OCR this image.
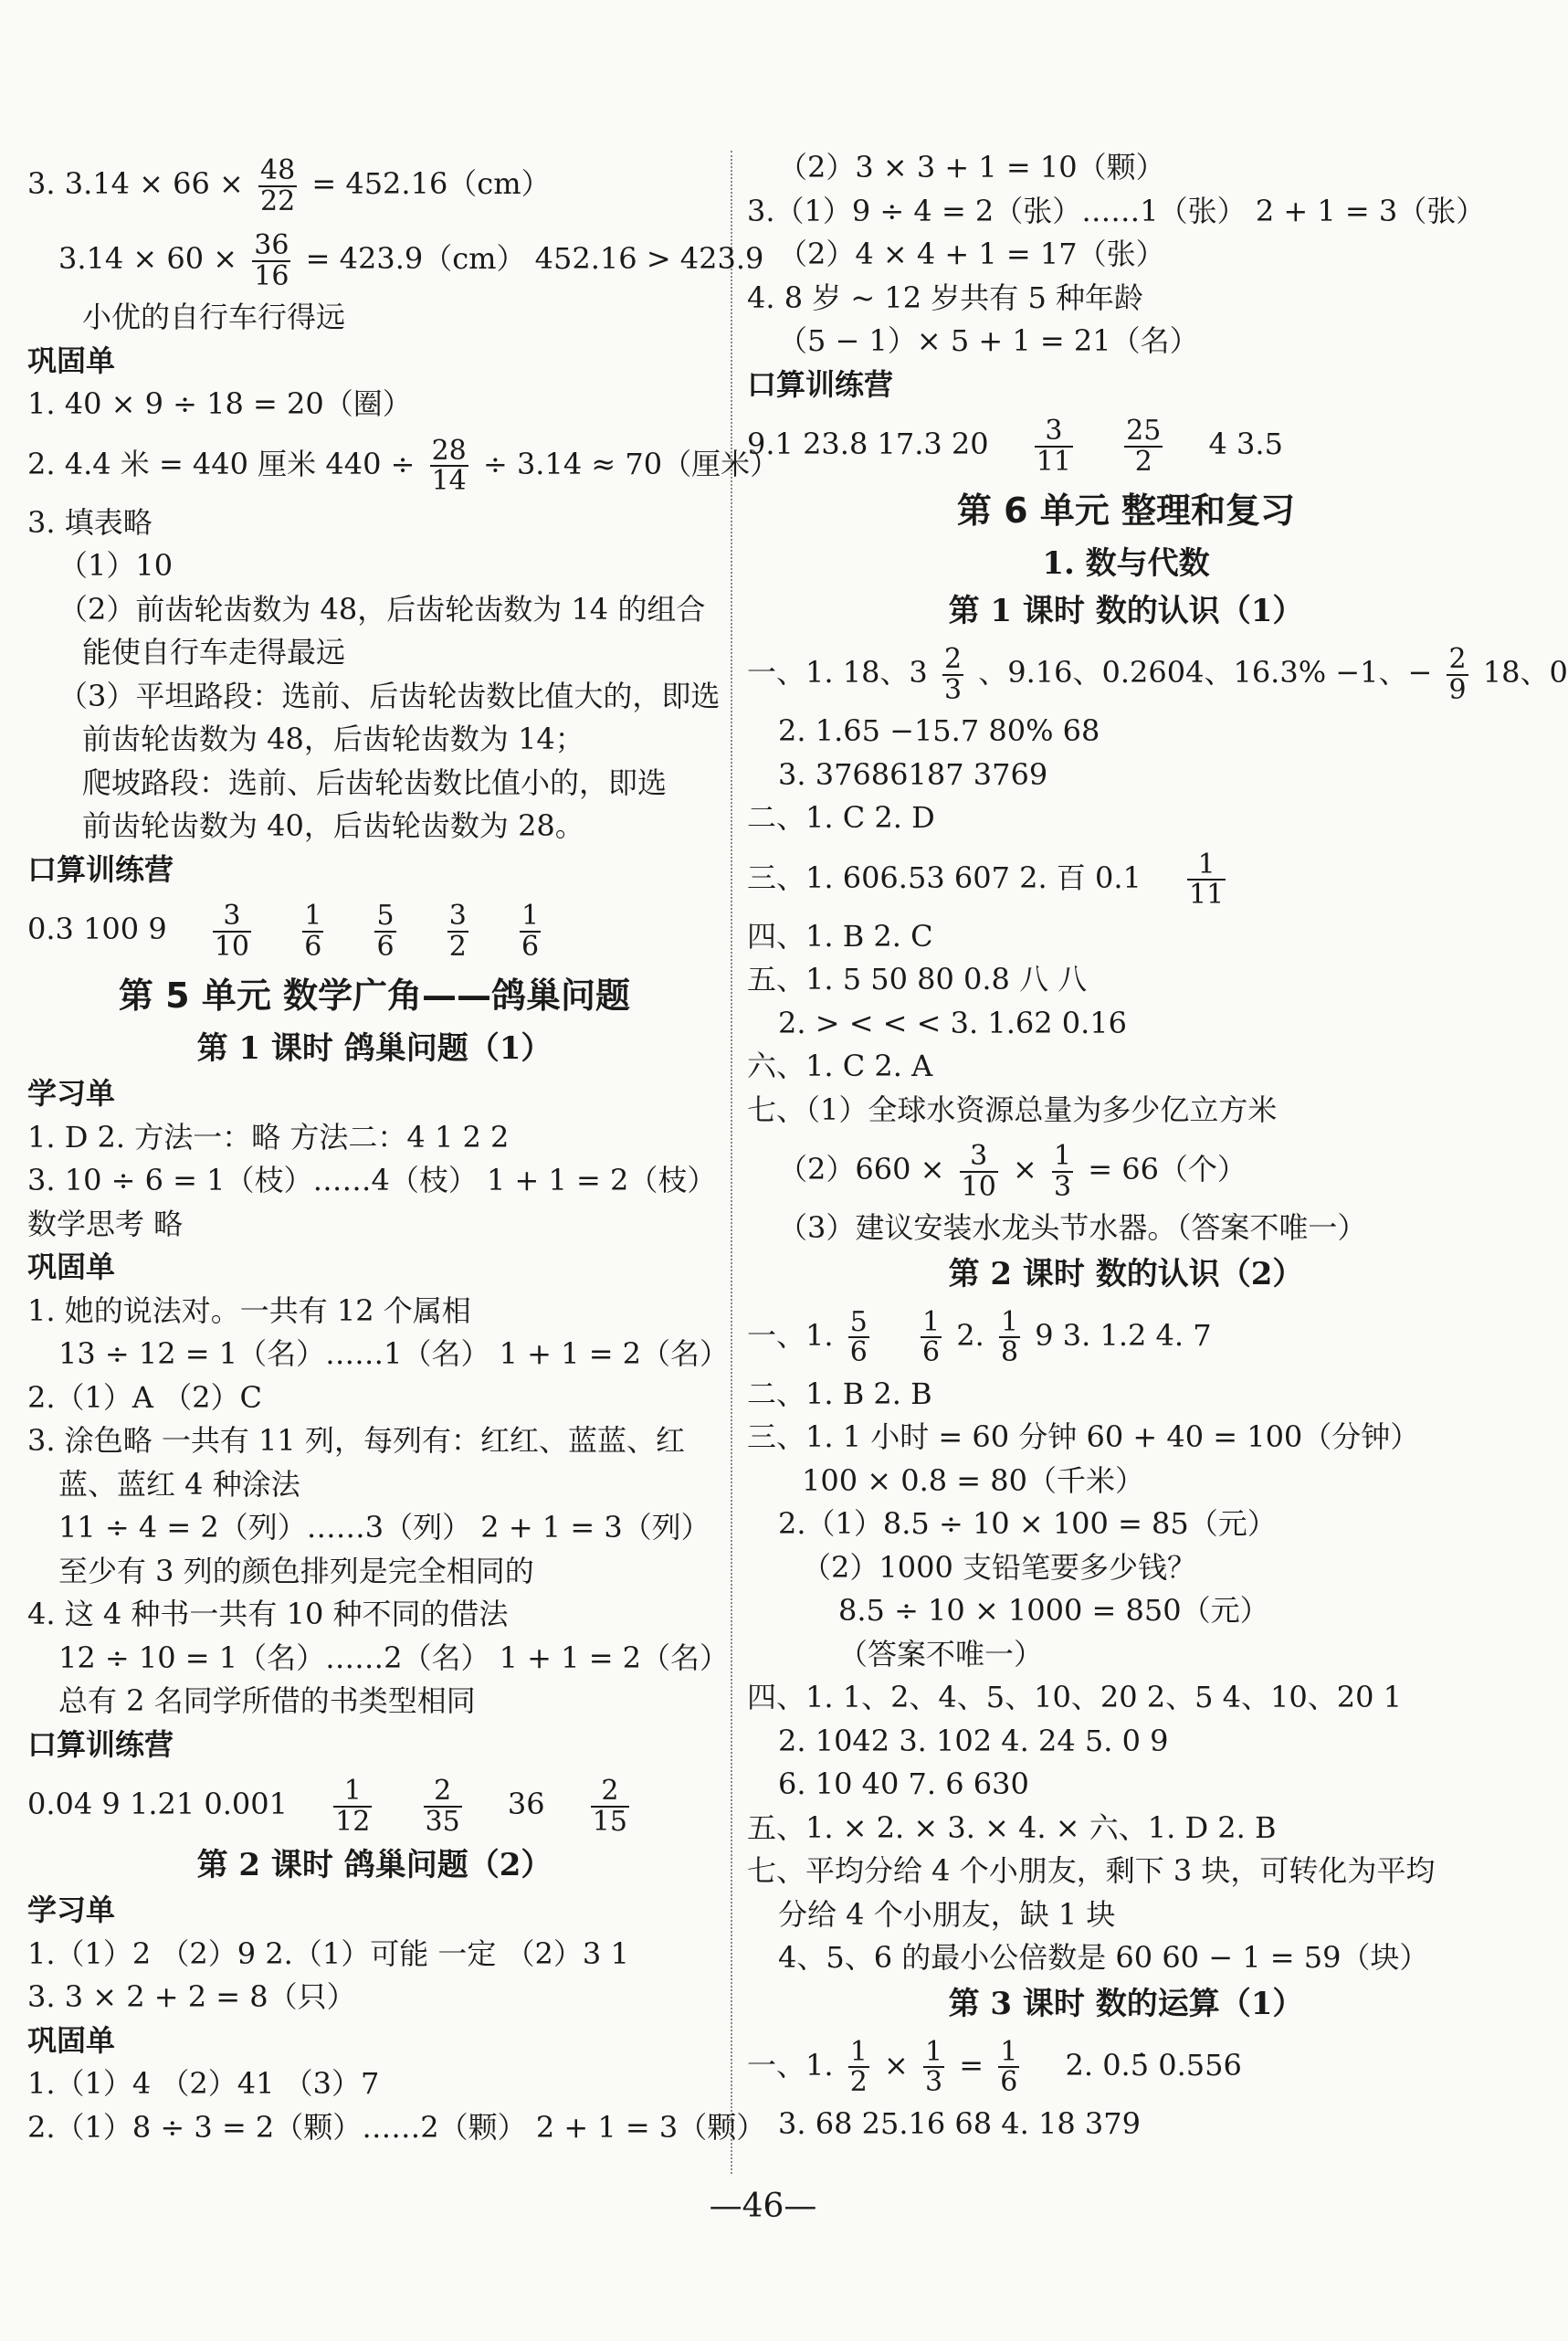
3. $3.14 \times 66 \times \frac{48}{22} = 452.16(cm)$
$3.14 \times 60 \times \frac{36}{16} = 423.9(cm) 452.16 > 423.9$
小优的自行车行得远
巩固单
1. 40 × 9 ÷ 18 = 20（圈）
2. 4.4 米 = 440 厘米 $440 \div \frac{28}{14} \div 3.14 \approx 70$（厘米）
3. 填表略
（1）10
（2）前齿轮齿数为 48，后齿轮齿数为 14 的组合
能使自行车走得最远
（3）平坦路段：选前、后齿轮齿数比值大的，即选
前齿轮齿数为 48，后齿轮齿数为 14；
爬坡路段：选前、后齿轮齿数比值小的，即选
前齿轮齿数为 40，后齿轮齿数为 28。
口算训练营
0.3 100 $9 \frac{3}{10}$
$\frac{1}{6}$
$\frac{5}{6}$
$\frac{3}{2}$
$\frac{1}{6}$
第 5 单元 数学广角——鸽巢问题
第 1 课时 鸽巢问题（1）
学习单
1. D 2. 方法一：略 方法二：4 1 2 2
3. 10 ÷ 6 = 1（枝）……4（枝） 1 + 1 = 2（枝）
数学思考 略
巩固单
1. 她的说法对。一共有 12 个属相
13 ÷ 12 = 1（名）……1（名） 1 + 1 = 2（名）
2.（1）A （2）C
3. 涂色略 一共有 11 列，每列有：红红、蓝蓝、红
蓝、蓝红 4 种涂法
11 ÷ 4 = 2（列）……3（列） 2 + 1 = 3（列）
至少有 3 列的颜色排列是完全相同的
4. 这 4 种书一共有 10 种不同的借法
12 ÷ 10 = 1（名）……2（名） 1 + 1 = 2（名）
总有 2 名同学所借的书类型相同
口算训练营
0.04 9 1.21 $0.001 \frac{1}{12}$
$\frac{2}{35} 36 \frac{2}{15}$
第 2 课时 鸽巢问题（2）
学习单
1.（1）2 （2）9 2.（1）可能 一定 （2）3 1
3. 3 × 2 + 2 = 8（只）
巩固单
1.（1）4 （2）41 （3）7
2.（1）8 ÷ 3 = 2（颗）……2（颗） 2 + 1 = 3（颗）
（2）3 × 3 + 1 = 10（颗）
3.（1）9 ÷ 4 = 2（张）……1（张） 2 + 1 = 3（张）
（2）4 × 4 + 1 = 17（张）
4. 8 岁 ~ 12 岁共有 5 种年龄
（5 − 1）× 5 + 1 = 21（名）
口算训练营
9.1 23.8 17.3 $20 \frac{3}{11}$
$\frac{25}{2} 4$ 3.5
第 6 单元 整理和复习
1. 数与代数
第 1 课时 数的认识（1）
一、1. 18、$3 \frac{2}{3}$ 、9.16、0.2604、16.3% −1、− $\frac{2}{9} 18$、0
2. 1.65 −15.7 80% 68
3. 37686187 3769
二、1. C 2. D
三、1. 606.53 607 2. 百 $0.1 \frac{1}{11}$
四、1. B 2. C
五、1. 5 50 80 0.8 八 八
2. > < < < 3. 1.62 0.16
六、1. C 2. A
七、（1）全球水资源总量为多少亿立方米
$(2)660 \times \frac{3}{10} \times \frac{1}{3} = 66$（个）
（3）建议安装水龙头节水器。（答案不唯一）
第 2 课时 数的认识（2）
一、1. $\frac{5}{6}$
$\frac{1}{6} 2$. $\frac{1}{8} 9$ 3. 1.2 4. 7
二、1. B 2. B
三、1. 1 小时 = 60 分钟 60 + 40 = 100（分钟）
100 × 0.8 = 80（千米）
2.（1）8.5 ÷ 10 × 100 = 85（元）
（2）1000 支铅笔要多少钱？
8.5 ÷ 10 × 1000 = 850（元）
（答案不唯一）
四、1. 1、2、4、5、10、20 2、5 4、10、20 1
2. 1042 3. 102 4. 24 5. 0 9
6. 10 40 7. 6 630
五、1. × 2. × 3. × 4. × 六、1. D 2. B
七、平均分给 4 个小朋友，剩下 3 块，可转化为平均
分给 4 个小朋友，缺 1 块
4、5、6 的最小公倍数是 60 60 − 1 = 59（块）
第 3 课时 数的运算（1）
一、1. $\frac{1}{2} \times \frac{1}{3} = \frac{1}{6} 2$. 0.5̇ 0.556
3. 68 25.16 68 4. 18 379
—46—
